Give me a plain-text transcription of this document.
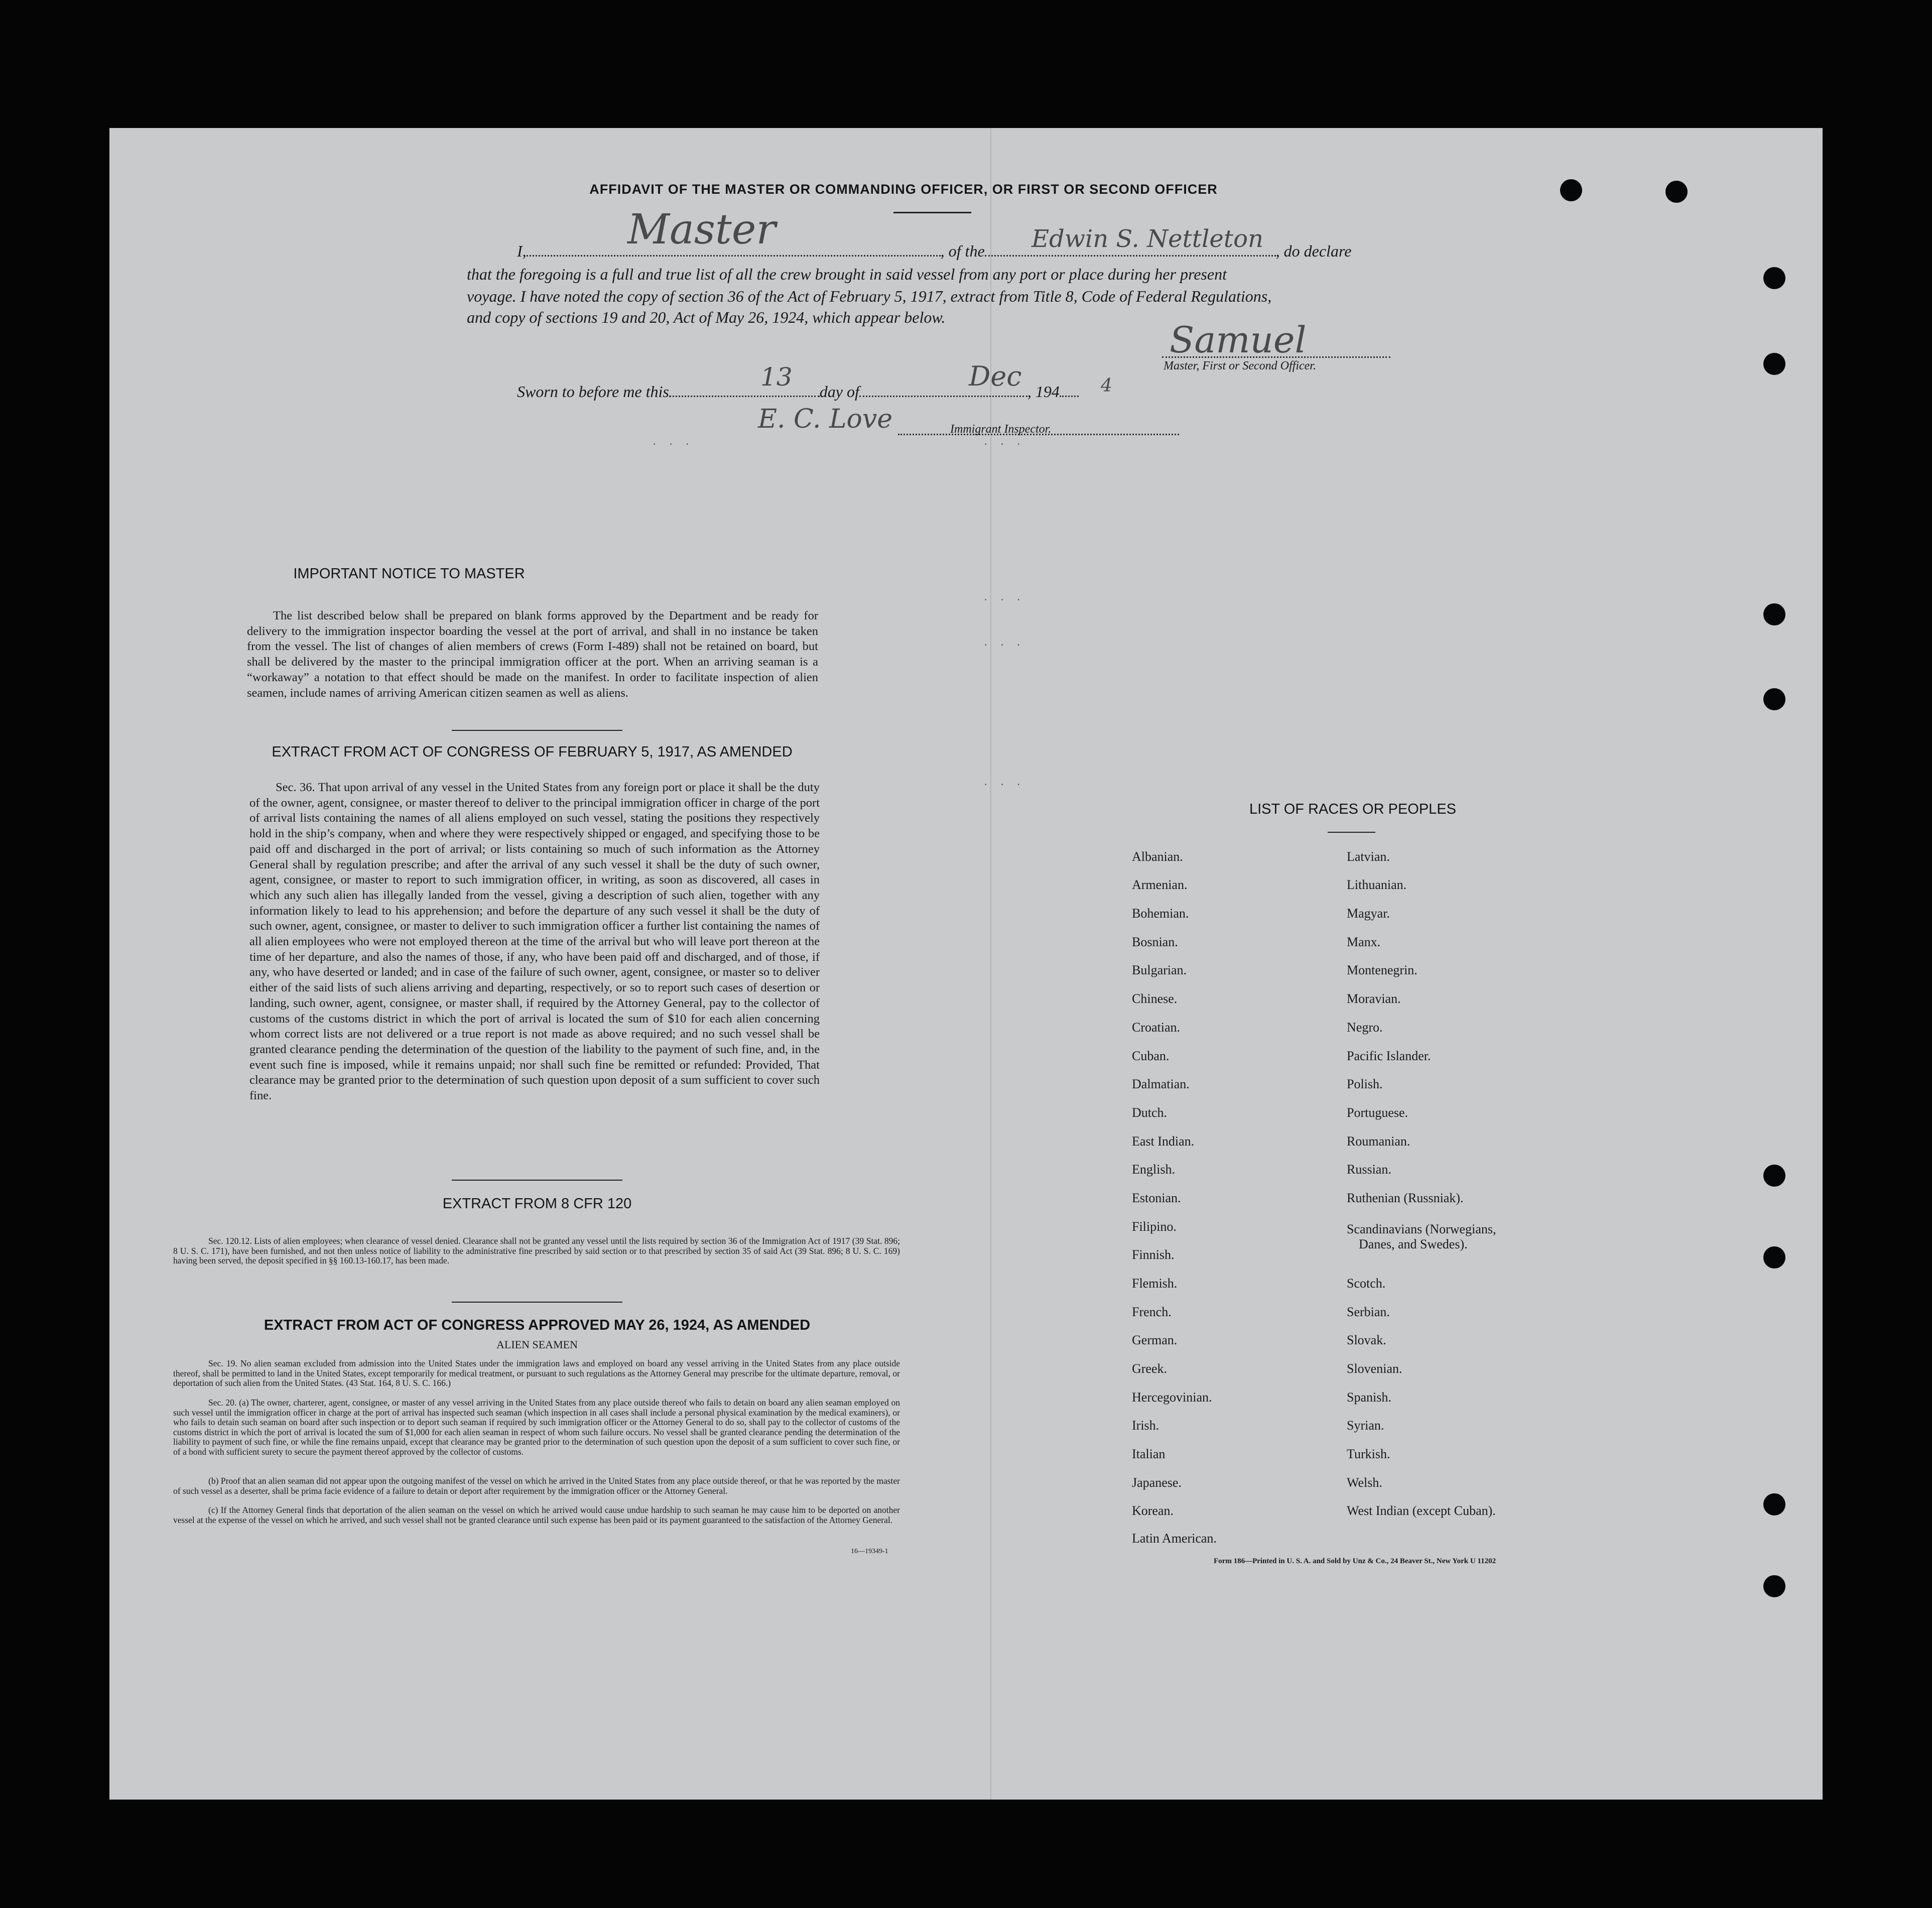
AFFIDAVIT OF THE MASTER OR COMMANDING OFFICER, OR FIRST OR SECOND OFFICER
I,	, of the	, do declare
Master	Edwin S. Nettleton
that the foregoing is a full and true list of all the crew brought in said vessel from any port or place during her present
voyage. I have noted the copy of section 36 of the Act of February 5, 1917, extract from Title 8, Code of Federal Regulations,
and copy of sections 19 and 20, Act of May 26, 1924, which appear below.
Samuel

Master, First or Second Officer.
Sworn to before me this	day of	, 194
13	Dec	4
E. C. Love	Immigrant Inspector.
· · ·	· · ·
· · ·
· · ·
· · ·
IMPORTANT NOTICE TO MASTER
The list described below shall be prepared on blank forms approved by the Department and be ready for delivery to the immigration inspector boarding the vessel at the port of arrival, and shall in no instance be taken from the vessel. The list of changes of alien members of crews (Form I-489) shall not be retained on board, but shall be delivered by the master to the principal immigration officer at the port. When an arriving seaman is a “workaway” a notation to that effect should be made on the manifest. In order to facilitate inspection of alien seamen, include names of arriving American citizen seamen as well as aliens.
EXTRACT FROM ACT OF CONGRESS OF FEBRUARY 5, 1917, AS AMENDED
Sec. 36. That upon arrival of any vessel in the United States from any foreign port or place it shall be the duty of the owner, agent, consignee, or master thereof to deliver to the principal immigration officer in charge of the port of arrival lists containing the names of all aliens employed on such vessel, stating the positions they respectively hold in the ship’s company, when and where they were respectively shipped or engaged, and specifying those to be paid off and discharged in the port of arrival; or lists containing so much of such information as the Attorney General shall by regulation prescribe; and after the arrival of any such vessel it shall be the duty of such owner, agent, consignee, or master to report to such immigration officer, in writing, as soon as discovered, all cases in which any such alien has illegally landed from the vessel, giving a description of such alien, together with any information likely to lead to his apprehension; and before the departure of any such vessel it shall be the duty of such owner, agent, consignee, or master to deliver to such immigration officer a further list containing the names of all alien employees who were not employed thereon at the time of the arrival but who will leave port thereon at the time of her departure, and also the names of those, if any, who have been paid off and discharged, and of those, if any, who have deserted or landed; and in case of the failure of such owner, agent, consignee, or master so to deliver either of the said lists of such aliens arriving and departing, respectively, or so to report such cases of desertion or landing, such owner, agent, consignee, or master shall, if required by the Attorney General, pay to the collector of customs of the customs district in which the port of arrival is located the sum of $10 for each alien concerning whom correct lists are not delivered or a true report is not made as above required; and no such vessel shall be granted clearance pending the determination of the question of the liability to the payment of such fine, and, in the event such fine is imposed, while it remains unpaid; nor shall such fine be remitted or refunded: Provided, That clearance may be granted prior to the determination of such question upon deposit of a sum sufficient to cover such fine.
EXTRACT FROM 8 CFR 120
Sec. 120.12. Lists of alien employees; when clearance of vessel denied. Clearance shall not be granted any vessel until the lists required by section 36 of the Immigration Act of 1917 (39 Stat. 896; 8 U. S. C. 171), have been furnished, and not then unless notice of liability to the administrative fine prescribed by said section or to that prescribed by section 35 of said Act (39 Stat. 896; 8 U. S. C. 169) having been served, the deposit specified in §§ 160.13-160.17, has been made.
EXTRACT FROM ACT OF CONGRESS APPROVED MAY 26, 1924, AS AMENDED
ALIEN SEAMEN
Sec. 19. No alien seaman excluded from admission into the United States under the immigration laws and employed on board any vessel arriving in the United States from any place outside thereof, shall be permitted to land in the United States, except temporarily for medical treatment, or pursuant to such regulations as the Attorney General may prescribe for the ultimate departure, removal, or deportation of such alien from the United States. (43 Stat. 164, 8 U. S. C. 166.)
Sec. 20. (a) The owner, charterer, agent, consignee, or master of any vessel arriving in the United States from any place outside thereof who fails to detain on board any alien seaman employed on such vessel until the immigration officer in charge at the port of arrival has inspected such seaman (which inspection in all cases shall include a personal physical examination by the medical examiners), or who fails to detain such seaman on board after such inspection or to deport such seaman if required by such immigration officer or the Attorney General to do so, shall pay to the collector of customs of the customs district in which the port of arrival is located the sum of $1,000 for each alien seaman in respect of whom such failure occurs. No vessel shall be granted clearance pending the determination of the liability to payment of such fine, or while the fine remains unpaid, except that clearance may be granted prior to the determination of such question upon the deposit of a sum sufficient to cover such fine, or of a bond with sufficient surety to secure the payment thereof approved by the collector of customs.
(b) Proof that an alien seaman did not appear upon the outgoing manifest of the vessel on which he arrived in the United States from any place outside thereof, or that he was reported by the master of such vessel as a deserter, shall be prima facie evidence of a failure to detain or deport after requirement by the immigration officer or the Attorney General.
(c) If the Attorney General finds that deportation of the alien seaman on the vessel on which he arrived would cause undue hardship to such seaman he may cause him to be deported on another vessel at the expense of the vessel on which he arrived, and such vessel shall not be granted clearance until such expense has been paid or its payment guaranteed to the satisfaction of the Attorney General.
16—19349-1
LIST OF RACES OR PEOPLES
Albanian.
Armenian.
Bohemian.
Bosnian.
Bulgarian.
Chinese.
Croatian.
Cuban.
Dalmatian.
Dutch.
East Indian.
English.
Estonian.
Filipino.
Finnish.
Flemish.
French.
German.
Greek.
Hercegovinian.
Irish.
Italian
Japanese.
Korean.
Latin American.
Latvian.
Lithuanian.
Magyar.
Manx.
Montenegrin.
Moravian.
Negro.
Pacific Islander.
Polish.
Portuguese.
Roumanian.
Russian.
Ruthenian (Russniak).
Scandinavians (Norwegians,
Danes, and Swedes).
Scotch.
Serbian.
Slovak.
Slovenian.
Spanish.
Syrian.
Turkish.
Welsh.
West Indian (except Cuban).
Form 186—Printed in U. S. A. and Sold by Unz & Co., 24 Beaver St., New York U 11202
